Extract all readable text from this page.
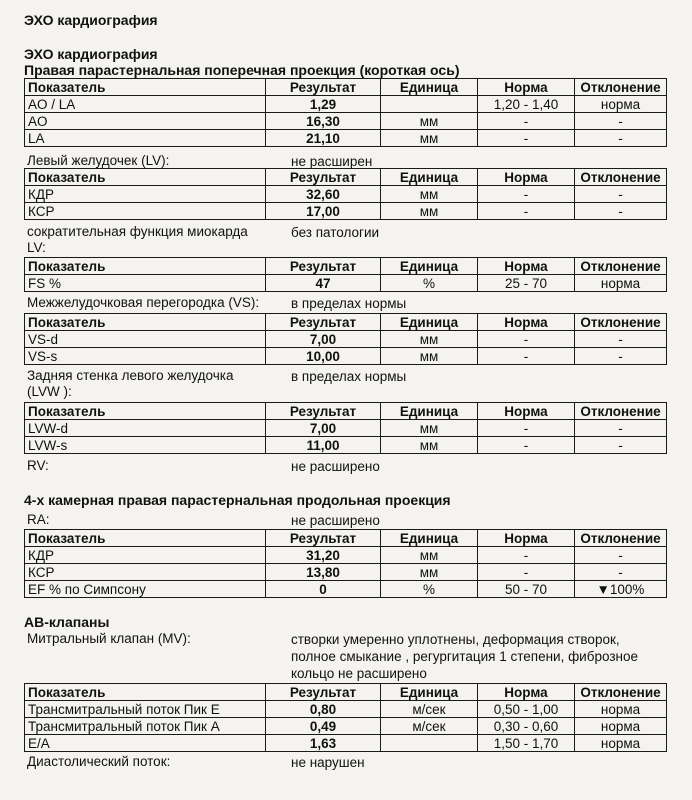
ЭХО кардиография
ЭХО кардиография
Правая парастернальная поперечная проекция (короткая ось)
Показатель	Результат	Единица	Норма	Отклонение
AO / LA	1,29		1,20 - 1,40	норма
AO	16,30	мм	-	-
LA	21,10	мм	-	-
Левый желудочек (LV):	не расширен
Показатель	Результат	Единица	Норма	Отклонение
КДР	32,60	мм	-	-
КСР	17,00	мм	-	-
сократительная функция миокарда	без патологии
LV:
Показатель	Результат	Единица	Норма	Отклонение
FS %	47	%	25 - 70	норма
Межжелудочковая перегородка (VS): в пределах нормы
Показатель	Результат	Единица	Норма	Отклонение
VS-d	7,00	мм	-	-
VS-s	10,00	мм	-	-
Задняя стенка левого желудочка	в пределах нормы
(LVW ):
Показатель	Результат	Единица	Норма	Отклонение
LVW-d	7,00	мм	-	-
LVW-s	11,00	мм	-	-
RV:	не расширено
4-х камерная правая парастернальная продольная проекция
RA:	не расширено
Показатель	Результат	Единица	Норма	Отклонение
КДР	31,20	мм	-	-
КСР	13,80	мм	-	-
EF % по Симпсону	0	%	50 - 70	▼100%
АВ-клапаны
Митральный клапан (MV):	створки умеренно уплотнены, деформация створок,
полное смыкание , регургитация 1 степени, фиброзное
кольцо не расширено
Показатель	Результат	Единица	Норма	Отклонение
Трансмитральный поток Пик E	0,80	м/сек	0,50 - 1,00	норма
Трансмитральный поток Пик A	0,49	м/сек	0,30 - 0,60	норма
E/A	1,63		1,50 - 1,70	норма
Диастолический поток:	не нарушен
